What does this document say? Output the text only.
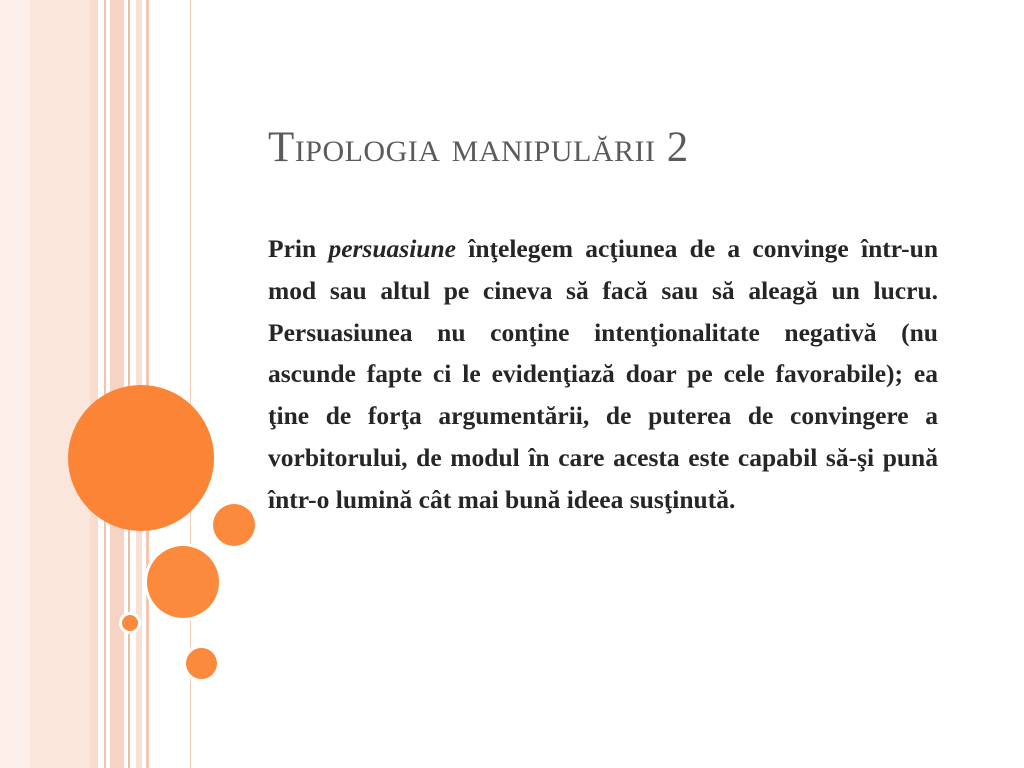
Tipologia manipulării 2

Prin persuasiune înţelegem acţiunea de a convinge într-un mod sau altul pe cineva să facă sau să aleagă un lucru. Persuasiunea nu conţine intenţionalitate negativă (nu ascunde fapte ci le evidenţiază doar pe cele favorabile); ea ţine de forţa argumentării, de puterea de convingere a vorbitorului, de modul în care acesta este capabil să-şi pună într-o lumină cât mai bună ideea susţinută.
